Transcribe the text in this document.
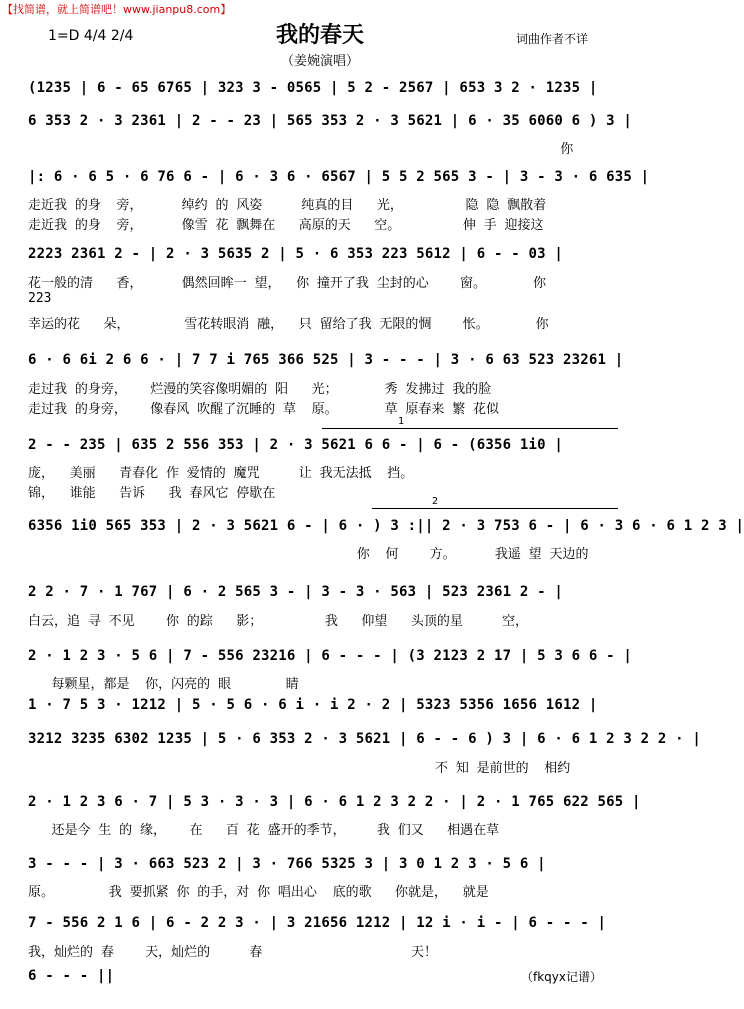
【找简谱，就上简谱吧！www.jianpu8.com】
1=D 4/4 2/4	我的春天	词曲作者不详
（姜婉演唱）
(1235 | 6 - 65 6765 | 323 3 - 0565 | 5 2 - 2567 | 653 3 2 · 1235 |
6 353 2 · 3 2361 | 2 - - 23 | 565 353 2 · 3 5621 | 6 · 35 6060 6 ) 3 |
你
|: 6 · 6 5 · 6 76 6 - | 6 · 3 6 · 6567 | 5 5 2 565 3 - | 3 - 3 · 6 635 |
走近我 的身  旁，     绰约 的 风姿     纯真的目   光，        隐 隐 飘散着
走近我 的身  旁，     像雪 花 飘舞在   高原的天   空。        伸 手 迎接这
2223 2361 2 - | 2 · 3 5635 2 | 5 · 6 353 223 5612 | 6 - - 03 |
花一般的清   香，     偶然回眸一 望，  你 撞开了我 尘封的心    窗。      你
223
幸运的花   朵，       雪花转眼消 融，  只 留给了我 无限的惆    怅。      你
6 · 6 6i 2 6 6 · | 7 7 i 765 366 525 | 3 - - - | 3 · 6 63 523 23261 |
走过我 的身旁，   烂漫的笑容像明媚的 阳   光；      秀 发拂过 我的脸
走过我 的身旁，   像春风 吹醒了沉睡的 草  原。      草 原春来 繁 花似
1
2 - - 235 | 635 2 556 353 | 2 · 3 5621 6 6 - | 6 - (6356 1i0 |
庞，  美丽   青春化 作 爱情的 魔咒     让 我无法抵  挡。
锦，  谁能   告诉   我 春风它 停歇在
2
6356 1i0 565 353 | 2 · 3 5621 6 - | 6 · ) 3 :|| 2 · 3 753 6 - | 6 · 3 6 · 6 1 2 3 |
你  何    方。     我遥 望 天边的
2 2 · 7 · 1 767 | 6 · 2 565 3 - | 3 - 3 · 563 | 523 2361 2 - |
白云，追 寻 不见    你 的踪   影；        我   仰望   头顶的星     空，
2 · 1 2 3 · 5 6 | 7 - 556 23216 | 6 - - - | (3 2123 2 17 | 5 3 6 6 - |
每颗星，都是  你，闪亮的 眼       睛
1 · 7 5 3 · 1212 | 5 · 5 6 · 6 i · i 2 · 2 | 5323 5356 1656 1612 |
3212 3235 6302 1235 | 5 · 6 353 2 · 3 5621 | 6 - - 6 ) 3 | 6 · 6 1 2 3 2 2 · |
不 知 是前世的  相约
2 · 1 2 3 6 · 7 | 5 3 · 3 · 3 | 6 · 6 1 2 3 2 2 · | 2 · 1 765 622 565 |
还是今 生 的 缘，   在   百 花 盛开的季节，    我 们又   相遇在草
3 - - - | 3 · 663 523 2 | 3 · 766 5325 3 | 3 0 1 2 3 · 5 6 |
原。       我 要抓紧 你 的手，对 你 唱出心  底的歌   你就是，  就是
7 - 556 2 1 6 | 6 - 2 2 3 · | 3 21656 1212 | 12 i · i - | 6 - - - |
我，灿烂的 春    天，灿烂的     春                   天！
6 - - - ||	（fkqyx记谱）
